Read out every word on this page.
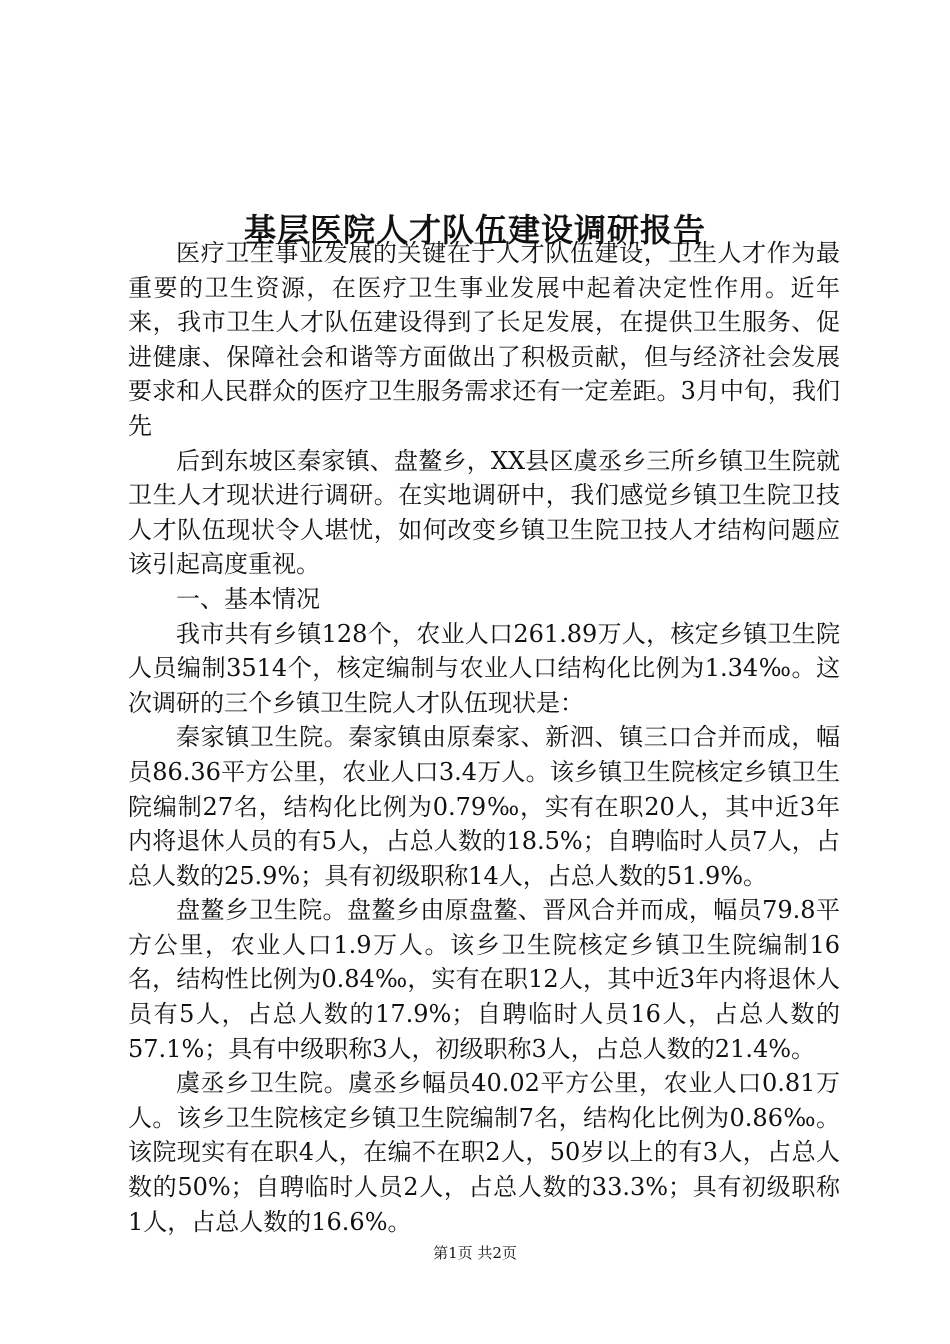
基层医院人才队伍建设调研报告

医疗卫生事业发展的关键在于人才队伍建设，卫生人才作为最重要的卫生资源，在医疗卫生事业发展中起着决定性作用。近年来，我市卫生人才队伍建设得到了长足发展，在提供卫生服务、促进健康、保障社会和谐等方面做出了积极贡献，但与经济社会发展要求和人民群众的医疗卫生服务需求还有一定差距。3月中旬，我们先

后到东坡区秦家镇、盘鳌乡，XX县区虞丞乡三所乡镇卫生院就卫生人才现状进行调研。在实地调研中，我们感觉乡镇卫生院卫技人才队伍现状令人堪忧，如何改变乡镇卫生院卫技人才结构问题应该引起高度重视。

一、基本情况

我市共有乡镇128个，农业人口261.89万人，核定乡镇卫生院人员编制3514个，核定编制与农业人口结构化比例为1.34‰。这次调研的三个乡镇卫生院人才队伍现状是：

秦家镇卫生院。秦家镇由原秦家、新泗、镇三口合并而成，幅员86.36平方公里，农业人口3.4万人。该乡镇卫生院核定乡镇卫生院编制27名，结构化比例为0.79‰，实有在职20人，其中近3年内将退休人员的有5人，占总人数的18.5%；自聘临时人员7人，占总人数的25.9%；具有初级职称14人，占总人数的51.9%。

盘鳌乡卫生院。盘鳌乡由原盘鳌、晋风合并而成，幅员79.8平方公里，农业人口1.9万人。该乡卫生院核定乡镇卫生院编制16名，结构性比例为0.84‰，实有在职12人，其中近3年内将退休人员有5人，占总人数的17.9%；自聘临时人员16人，占总人数的57.1%；具有中级职称3人，初级职称3人，占总人数的21.4%。

虞丞乡卫生院。虞丞乡幅员40.02平方公里，农业人口0.81万人。该乡卫生院核定乡镇卫生院编制7名，结构化比例为0.86‰。该院现实有在职4人，在编不在职2人，50岁以上的有3人，占总人数的50%；自聘临时人员2人，占总人数的33.3%；具有初级职称1人，占总人数的16.6%。

第1页 共2页
